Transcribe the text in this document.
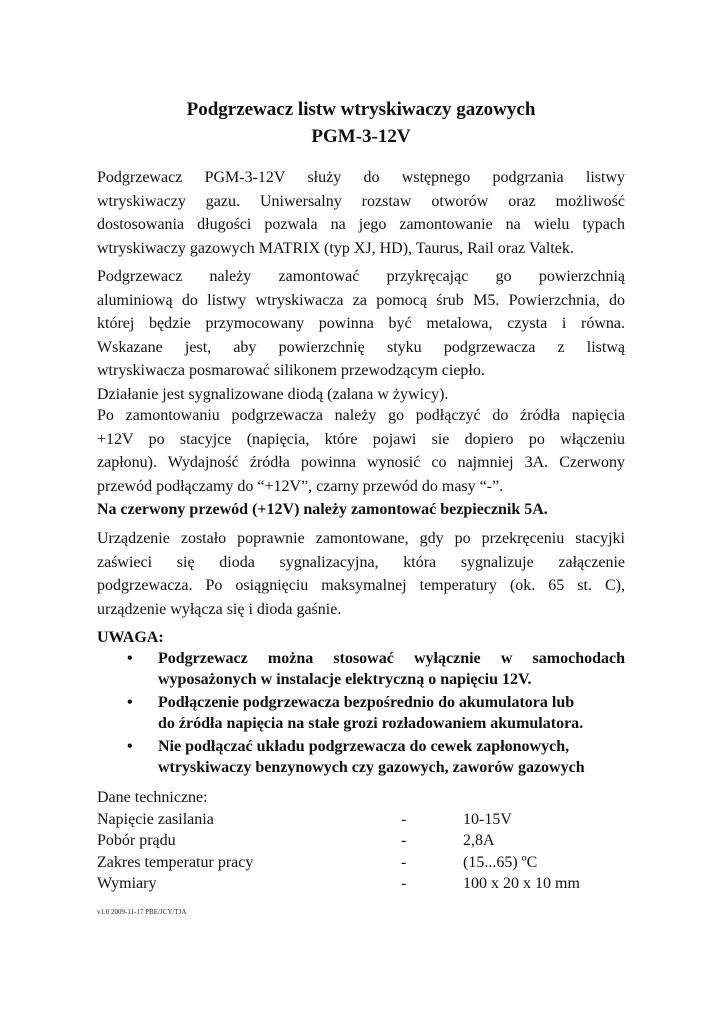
Podgrzewacz listw wtryskiwaczy gazowych
PGM-3-12V

Podgrzewacz PGM-3-12V służy do wstępnego podgrzania listwy
wtryskiwaczy gazu. Uniwersalny rozstaw otworów oraz możliwość
dostosowania długości pozwala na jego zamontowanie na wielu typach
wtryskiwaczy gazowych MATRIX (typ XJ, HD), Taurus, Rail oraz Valtek.

Podgrzewacz należy zamontować przykręcając go powierzchnią
aluminiową do listwy wtryskiwacza za pomocą śrub M5. Powierzchnia, do
której będzie przymocowany powinna być metalowa, czysta i równa.
Wskazane jest, aby powierzchnię styku podgrzewacza z listwą
wtryskiwacza posmarować silikonem przewodzącym ciepło.
Działanie jest sygnalizowane diodą (zalana w żywicy).

Po zamontowaniu podgrzewacza należy go podłączyć do źródła napięcia
+12V po stacyjce (napięcia, które pojawi sie dopiero po włączeniu
zapłonu). Wydajność źródła powinna wynosić co najmniej 3A. Czerwony
przewód podłączamy do “+12V”, czarny przewód do masy “-”.
Na czerwony przewód (+12V) należy zamontować bezpiecznik 5A.

Urządzenie zostało poprawnie zamontowane, gdy po przekręceniu stacyjki
zaświeci się dioda sygnalizacyjna, która sygnalizuje załączenie
podgrzewacza. Po osiągnięciu maksymalnej temperatury (ok. 65 st. C),
urządzenie wyłącza się i dioda gaśnie.

UWAGA:
• Podgrzewacz można stosować wyłącznie w samochodach
wyposażonych w instalacje elektryczną o napięciu 12V.
• Podłączenie podgrzewacza bezpośrednio do akumulatora lub
do źródła napięcia na stałe grozi rozładowaniem akumulatora.
• Nie podłączać układu podgrzewacza do cewek zapłonowych,
wtryskiwaczy benzynowych czy gazowych, zaworów gazowych
Dane techniczne:
Napięcie zasilania	-	10-15V
Pobór prądu	-	2,8A
Zakres temperatur pracy	-	(15...65) ºC
Wymiary	-	100 x 20 x 10 mm
v1.0 2009-11-17 PBE/JCY/TJA
